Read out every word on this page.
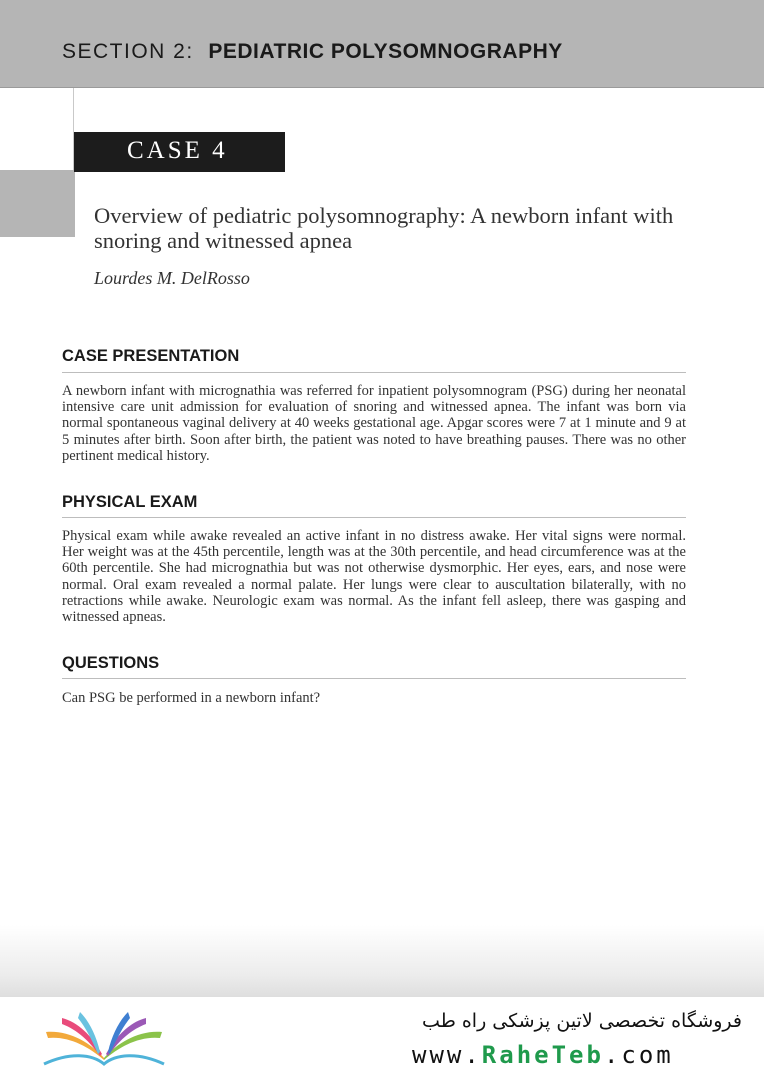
SECTION 2: PEDIATRIC POLYSOMNOGRAPHY
CASE 4
Overview of pediatric polysomnography: A newborn infant with snoring and witnessed apnea
Lourdes M. DelRosso
CASE PRESENTATION
A newborn infant with micrognathia was referred for inpatient polysomnogram (PSG) during her neonatal intensive care unit admission for evaluation of snoring and witnessed apnea. The infant was born via normal spontaneous vaginal delivery at 40 weeks gestational age. Apgar scores were 7 at 1 minute and 9 at 5 minutes after birth. Soon after birth, the patient was noted to have breathing pauses. There was no other pertinent medical history.
PHYSICAL EXAM
Physical exam while awake revealed an active infant in no distress awake. Her vital signs were normal. Her weight was at the 45th percentile, length was at the 30th percentile, and head circumference was at the 60th percentile. She had micrognathia but was not otherwise dysmorphic. Her eyes, ears, and nose were normal. Oral exam revealed a normal palate. Her lungs were clear to auscultation bilaterally, with no retractions while awake. Neurologic exam was normal. As the infant fell asleep, there was gasping and witnessed apneas.
QUESTIONS
Can PSG be performed in a newborn infant?
فروشگاه تخصصی لاتین پزشکی راه طب
www.RaheTeb.com
